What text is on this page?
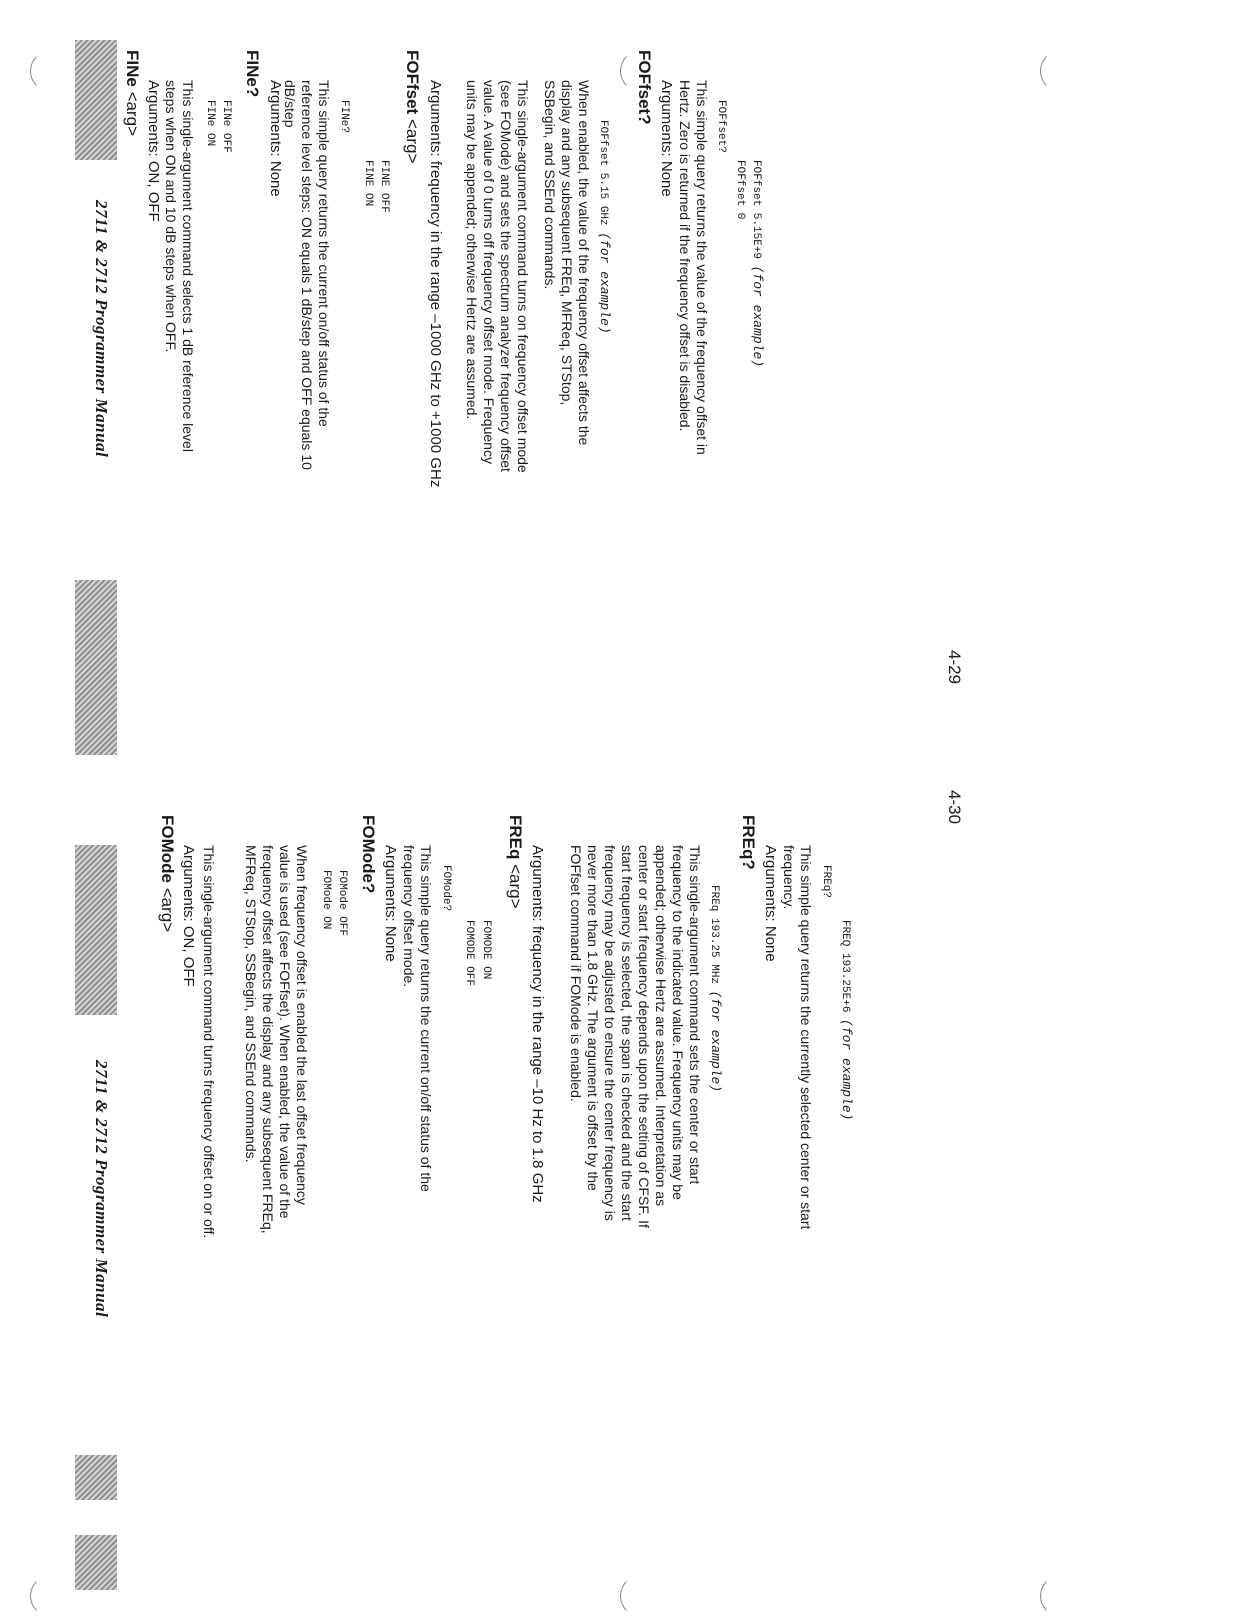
2711 & 2712 Programmer Manual
FINe <arg> Arguments: ON, OFF This single-argument command selects 1 dB reference level
steps when ON and 10 dB steps when OFF. FINe ON FINe OFF
FINe?
Arguments: None This simple query returns the current on/off status of the
reference level steps: ON equals 1 dB/step and OFF equals 10
dB/step	FINe?
FINE ON FINE OFF
FOFfset <arg> Arguments: frequency in the range –1000 GHz to +1000 GHz	This single-argument command turns on frequency offset mode
(see FOMode) and sets the spectrum analyzer frequency offset
value. A value of 0 turns off frequency offset mode. Frequency
units may be appended; otherwise Hertz are assumed.	When enabled, the value of the frequency offset affects the
display and any subsequent FREq, MFReq, STStop,
SSBegin, and SSEnd commands.	FOFfset 5.15 GHz (for example)
FOFfset? Arguments: None This simple query returns the value of the frequency offset in
Hertz. Zero is returned if the frequency offset is disabled. FOFfset?
FOFfset 0 FOFfset 5.15E+9 (for example)
4-29
2711 & 2712 Programmer Manual
FOMode <arg> Arguments: ON, OFF This single-argument command turns frequency offset on or off.	When frequency offset is enabled the last offset frequency
value is used (see FOFfset). When enabled, the value of the
frequency offset affects the display and any subsequent FREq,
MFReq, STStop, SSBegin, and SSEnd commands.	FOMode ON FOMode OFF
FOMode? Arguments: None This simple query returns the current on/off status of the
frequency offset mode. FOMode?
FOMODE OFF FOMODE ON
FREq <arg> Arguments: frequency in the range –10 Hz to 1.8 GHz	This single-argument command sets the center or start
frequency to the indicated value. Frequency units may be
appended; otherwise Hertz are assumed. Interpretation as
center or start frequency depends upon the setting of CFSF. If
start frequency is selected, the span is checked and the start
frequency may be adjusted to ensure the center frequency is
never more than 1.8 GHz. The argument is offset by the
FOFfset command if FOMode is enabled.	FREq 193.25 MHz (for example)
FREq?
Arguments: None This simple query returns the currently selected center or start
frequency. FREq?
FREQ 193.25E+6 (for example)
4-30
